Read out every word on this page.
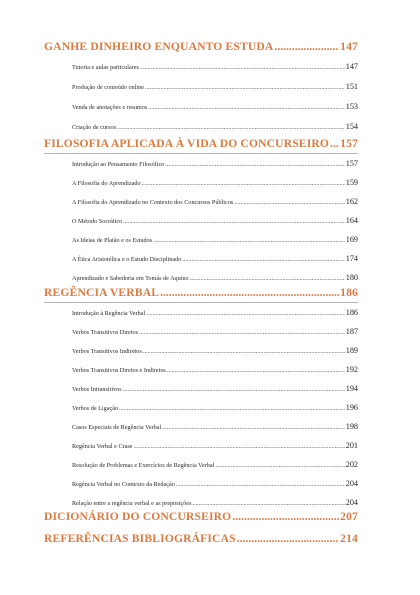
GANHE DINHEIRO ENQUANTO ESTUDA .....	147
Tutoria e aulas particulares .....	147
Produção de conteúdo online .....	151
Venda de anotações e resumos .....	153
Criação de cursos .....	154
FILOSOFIA APLICADA À VIDA DO CONCURSEIRO ..... 157
Introdução ao Pensamento Filosófico .....	157
A Filosofia do Aprendizado .....	159
A Filosofia do Aprendizado no Contexto dos Concursos Públicos .....	162
O Método Socrático .....	164
As Ideias de Platão e os Estudos .....	169
A Ética Aristotélica e o Estudo Disciplinado .....	174
Aprendizado e Sabedoria em Tomás de Aquino .....	180
REGÊNCIA VERBAL .....	186
Introdução à Regência Verbal .....	186
Verbos Transitivos Diretos .....	187
Verbos Transitivos Indiretos .....	189
Verbos Transitivos Diretos e Indiretos .....	192
Verbos Intransitivos .....	194
Verbos de Ligação .....	196
Casos Especiais de Regência Verbal .....	198
Regência Verbal e Crase .....	201
Resolução de Problemas e Exercícios de Regência Verbal .....	202
Regência Verbal no Contexto da Redação .....	204
Relação entre a regência verbal e as preposições .....	204
DICIONÁRIO DO CONCURSEIRO .....	207
REFERÊNCIAS BIBLIOGRÁFICAS .....	214
